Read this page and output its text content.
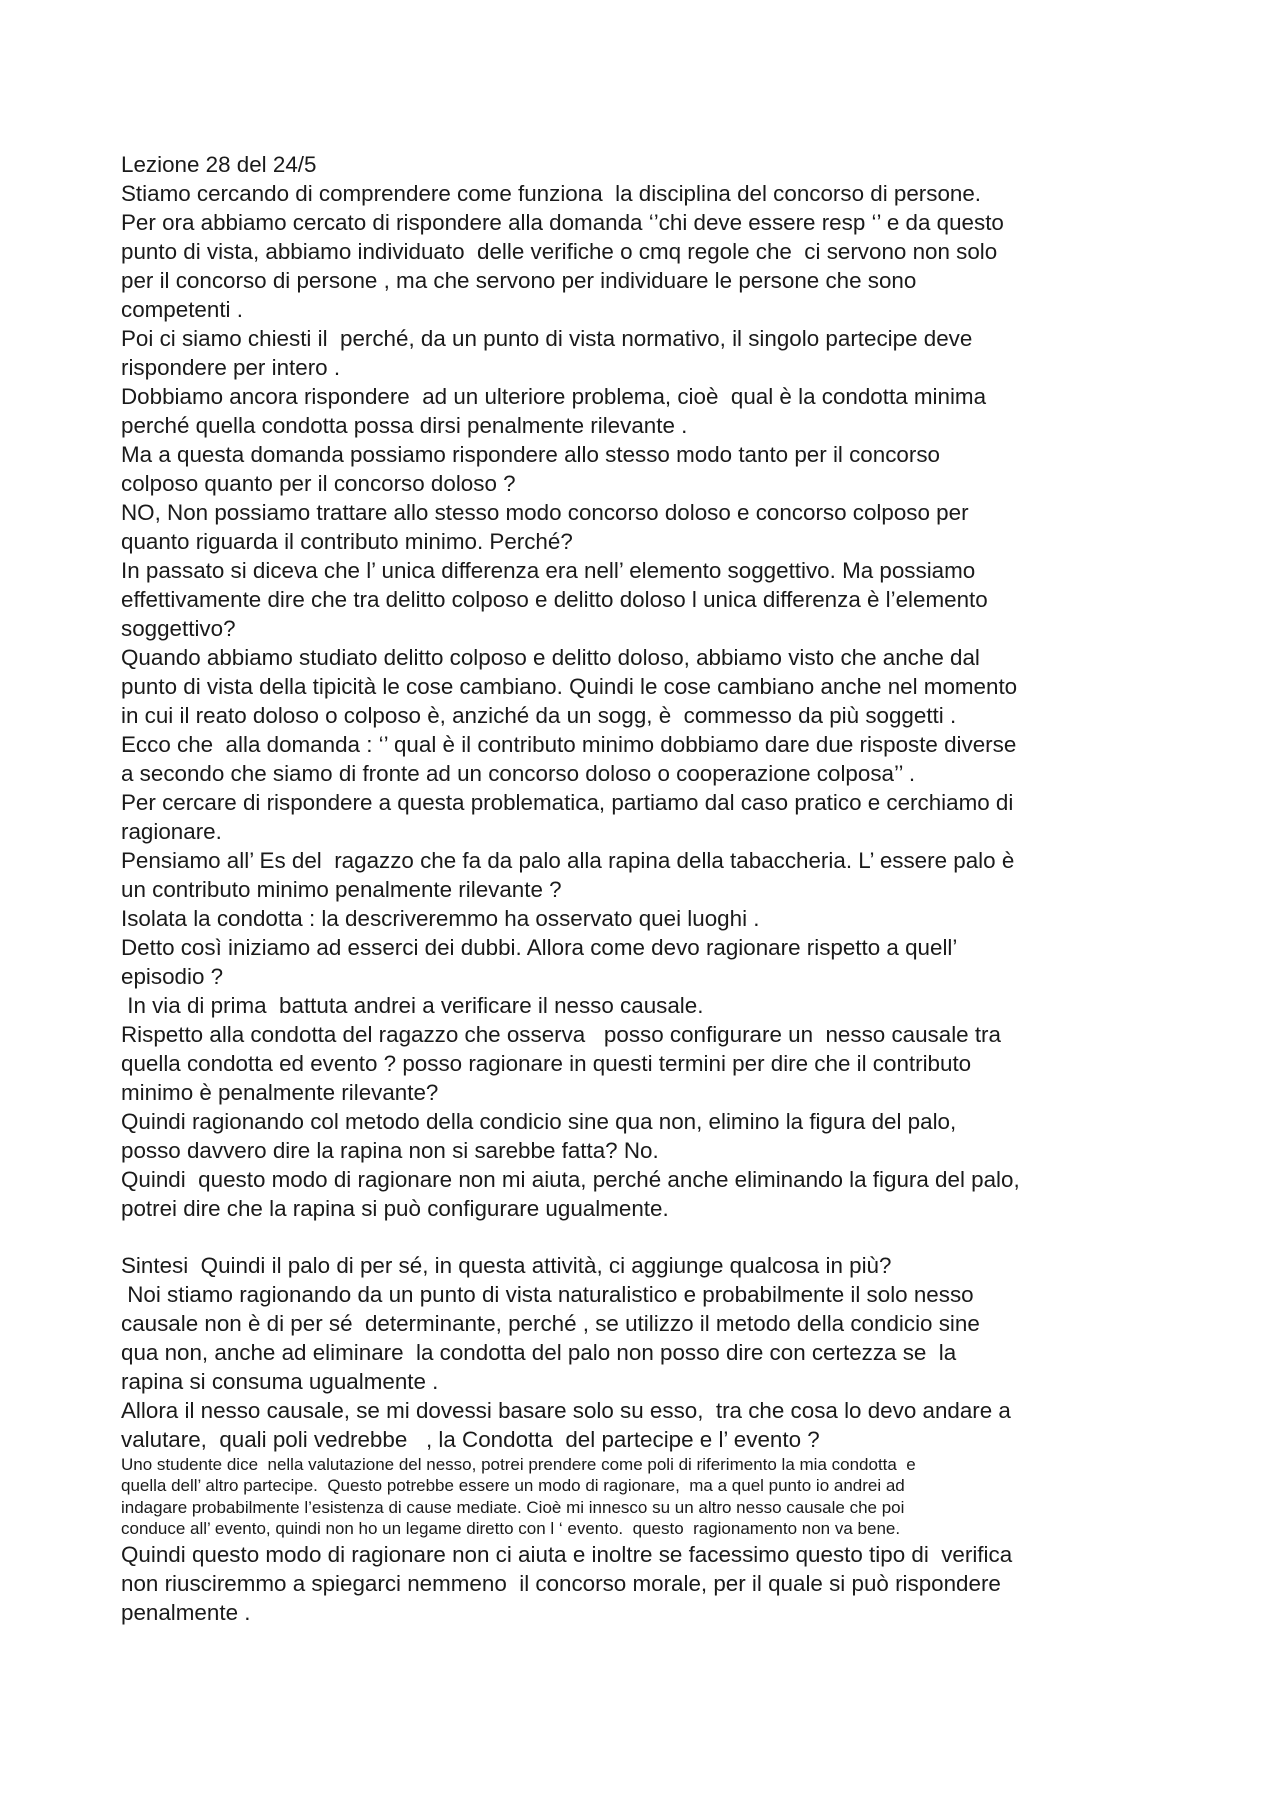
Lezione 28 del 24/5
Stiamo cercando di comprendere come funziona  la disciplina del concorso di persone.
Per ora abbiamo cercato di rispondere alla domanda ‘’chi deve essere resp ‘’ e da questo
punto di vista, abbiamo individuato  delle verifiche o cmq regole che  ci servono non solo
per il concorso di persone , ma che servono per individuare le persone che sono
competenti .
Poi ci siamo chiesti il  perché, da un punto di vista normativo, il singolo partecipe deve
rispondere per intero .
Dobbiamo ancora rispondere  ad un ulteriore problema, cioè  qual è la condotta minima
perché quella condotta possa dirsi penalmente rilevante .
Ma a questa domanda possiamo rispondere allo stesso modo tanto per il concorso
colposo quanto per il concorso doloso ?
NO, Non possiamo trattare allo stesso modo concorso doloso e concorso colposo per
quanto riguarda il contributo minimo. Perché?
In passato si diceva che l’ unica differenza era nell’ elemento soggettivo. Ma possiamo
effettivamente dire che tra delitto colposo e delitto doloso l unica differenza è l’elemento
soggettivo?
Quando abbiamo studiato delitto colposo e delitto doloso, abbiamo visto che anche dal
punto di vista della tipicità le cose cambiano. Quindi le cose cambiano anche nel momento
in cui il reato doloso o colposo è, anziché da un sogg, è  commesso da più soggetti .
Ecco che  alla domanda : ‘’ qual è il contributo minimo dobbiamo dare due risposte diverse
a secondo che siamo di fronte ad un concorso doloso o cooperazione colposa’’ .
Per cercare di rispondere a questa problematica, partiamo dal caso pratico e cerchiamo di
ragionare.
Pensiamo all’ Es del  ragazzo che fa da palo alla rapina della tabaccheria. L’ essere palo è
un contributo minimo penalmente rilevante ?
Isolata la condotta : la descriveremmo ha osservato quei luoghi .
Detto così iniziamo ad esserci dei dubbi. Allora come devo ragionare rispetto a quell’
episodio ?
In via di prima  battuta andrei a verificare il nesso causale.
Rispetto alla condotta del ragazzo che osserva   posso configurare un  nesso causale tra
quella condotta ed evento ? posso ragionare in questi termini per dire che il contributo
minimo è penalmente rilevante?
Quindi ragionando col metodo della condicio sine qua non, elimino la figura del palo,
posso davvero dire la rapina non si sarebbe fatta? No.
Quindi  questo modo di ragionare non mi aiuta, perché anche eliminando la figura del palo,
potrei dire che la rapina si può configurare ugualmente.
Sintesi  Quindi il palo di per sé, in questa attività, ci aggiunge qualcosa in più?
Noi stiamo ragionando da un punto di vista naturalistico e probabilmente il solo nesso
causale non è di per sé  determinante, perché , se utilizzo il metodo della condicio sine
qua non, anche ad eliminare  la condotta del palo non posso dire con certezza se  la
rapina si consuma ugualmente .
Allora il nesso causale, se mi dovessi basare solo su esso,  tra che cosa lo devo andare a
valutare,  quali poli vedrebbe   , la Condotta  del partecipe e l’ evento ?
Uno studente dice  nella valutazione del nesso, potrei prendere come poli di riferimento la mia condotta  e
quella dell’ altro partecipe.  Questo potrebbe essere un modo di ragionare,  ma a quel punto io andrei ad
indagare probabilmente l’esistenza di cause mediate. Cioè mi innesco su un altro nesso causale che poi
conduce all’ evento, quindi non ho un legame diretto con l ‘ evento.  questo  ragionamento non va bene.
Quindi questo modo di ragionare non ci aiuta e inoltre se facessimo questo tipo di  verifica
non riusciremmo a spiegarci nemmeno  il concorso morale, per il quale si può rispondere
penalmente .
